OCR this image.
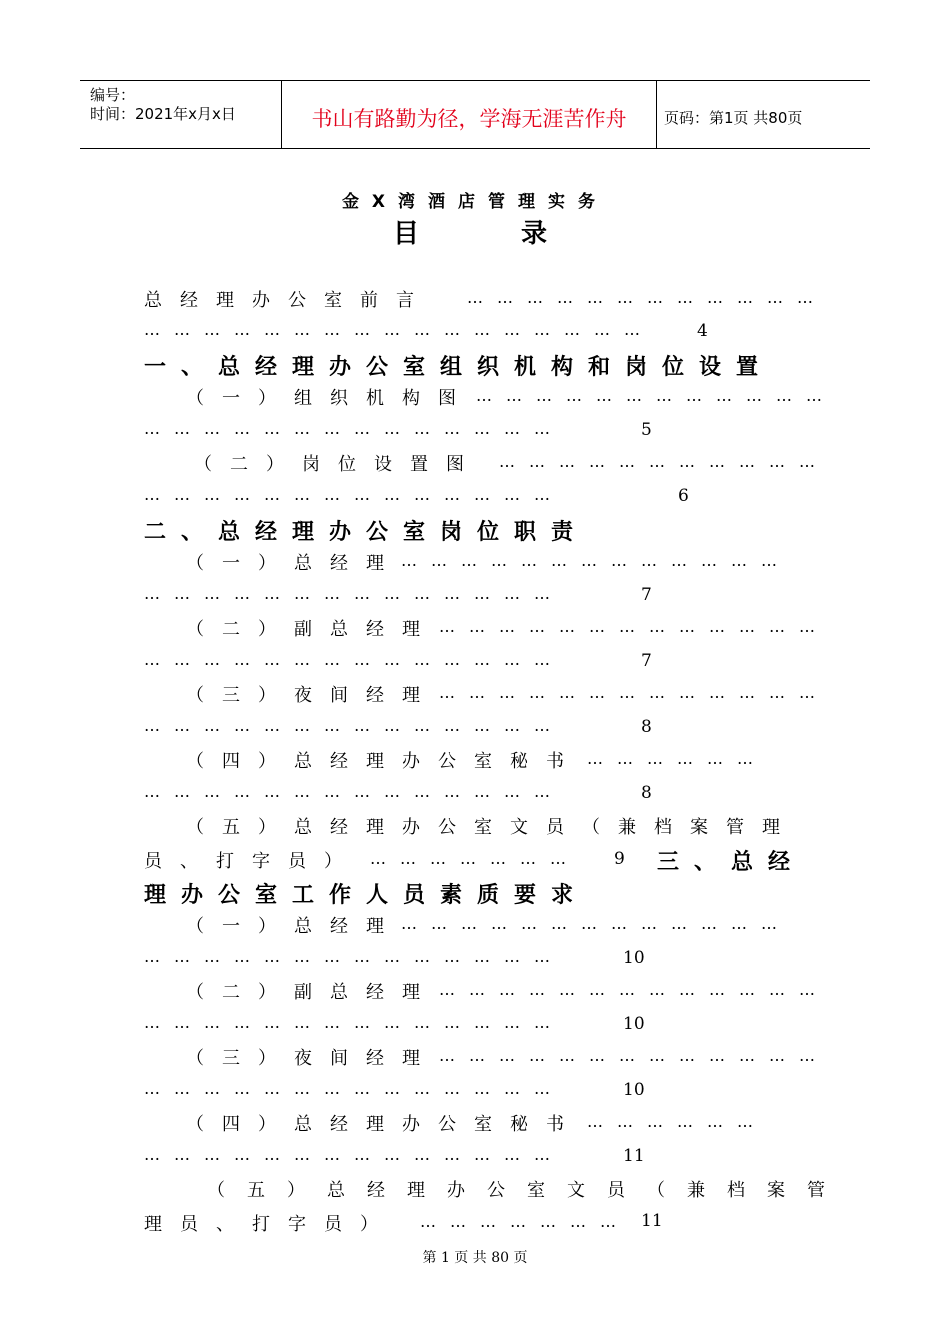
编号：
时间：2021年x月x日	书山有路勤为径，学海无涯苦作舟	页码：第1页 共80页
金X湾酒店管理实务
目	录
总经理办公室前言 ………………………………
……………………………………………	4
一、总经理办公室组织机构和岗位设置
（一）组织机构图 ………………………………
……………………………………	5
（二）岗位设置图 ……………………………
……………………………………	6
二、总经理办公室岗位职责
（一）总经理 …………………………………
……………………………………	7
（二）副总经理 …………………………………
……………………………………	7
（三）夜间经理 …………………………………
……………………………………	8
（四）总经理办公室秘书 ………………
……………………………………	8
（五）总经理办公室文员（兼档案管理
员、打字员） ………………… 9 三、总经
理办公室工作人员素质要求
（一）总经理 …………………………………
……………………………………	10
（二）副总经理 …………………………………
……………………………………	10
（三）夜间经理 …………………………………
……………………………………	10
（四）总经理办公室秘书 ………………
……………………………………	11
（五）总经理办公室文员（兼档案管
理员、打字员） ………………… 11
第 1 页 共 80 页
